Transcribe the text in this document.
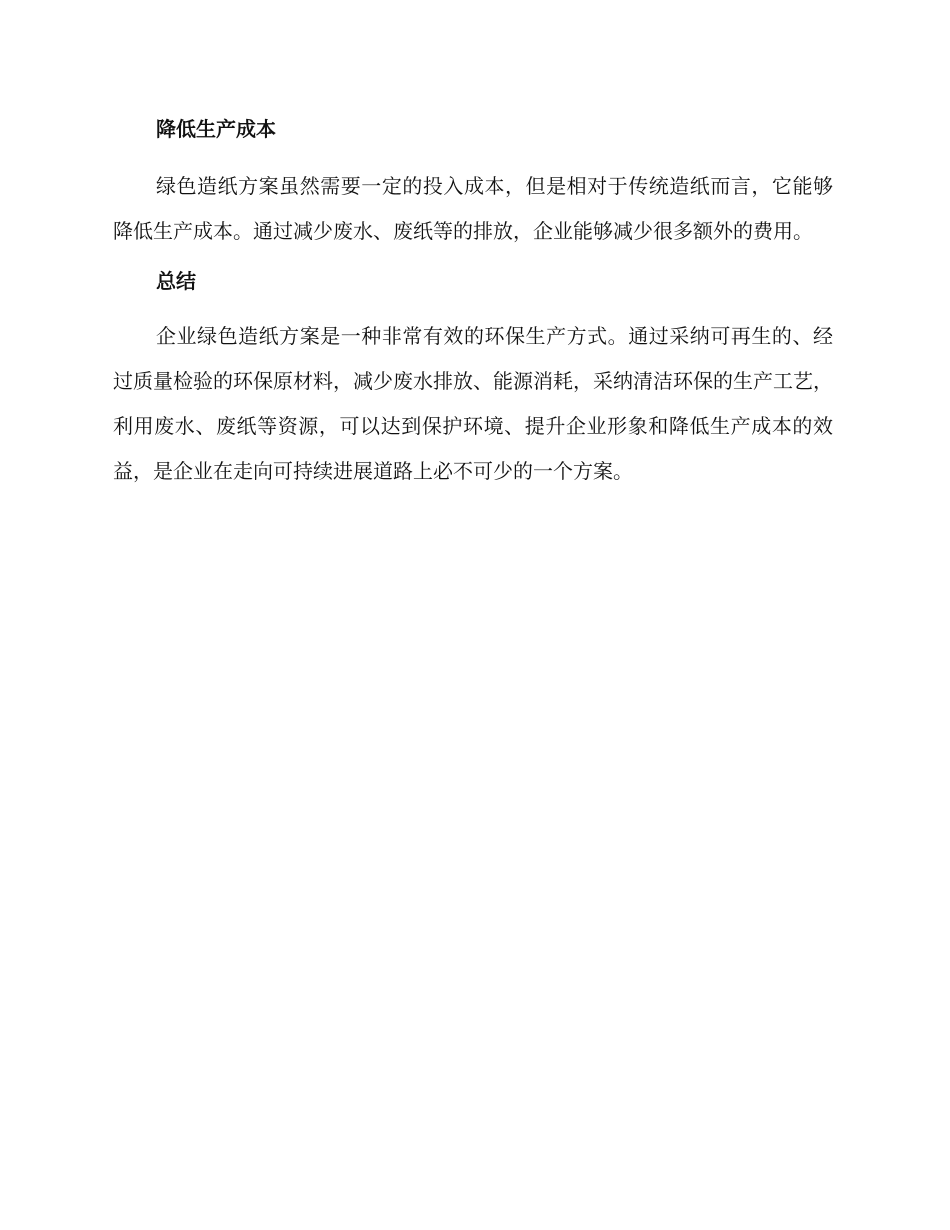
降低生产成本

绿色造纸方案虽然需要一定的投入成本，但是相对于传统造纸而言，它能够降低生产成本。通过减少废水、废纸等的排放，企业能够减少很多额外的费用。

总结

企业绿色造纸方案是一种非常有效的环保生产方式。通过采纳可再生的、经过质量检验的环保原材料，减少废水排放、能源消耗，采纳清洁环保的生产工艺，利用废水、废纸等资源，可以达到保护环境、提升企业形象和降低生产成本的效益，是企业在走向可持续进展道路上必不可少的一个方案。
